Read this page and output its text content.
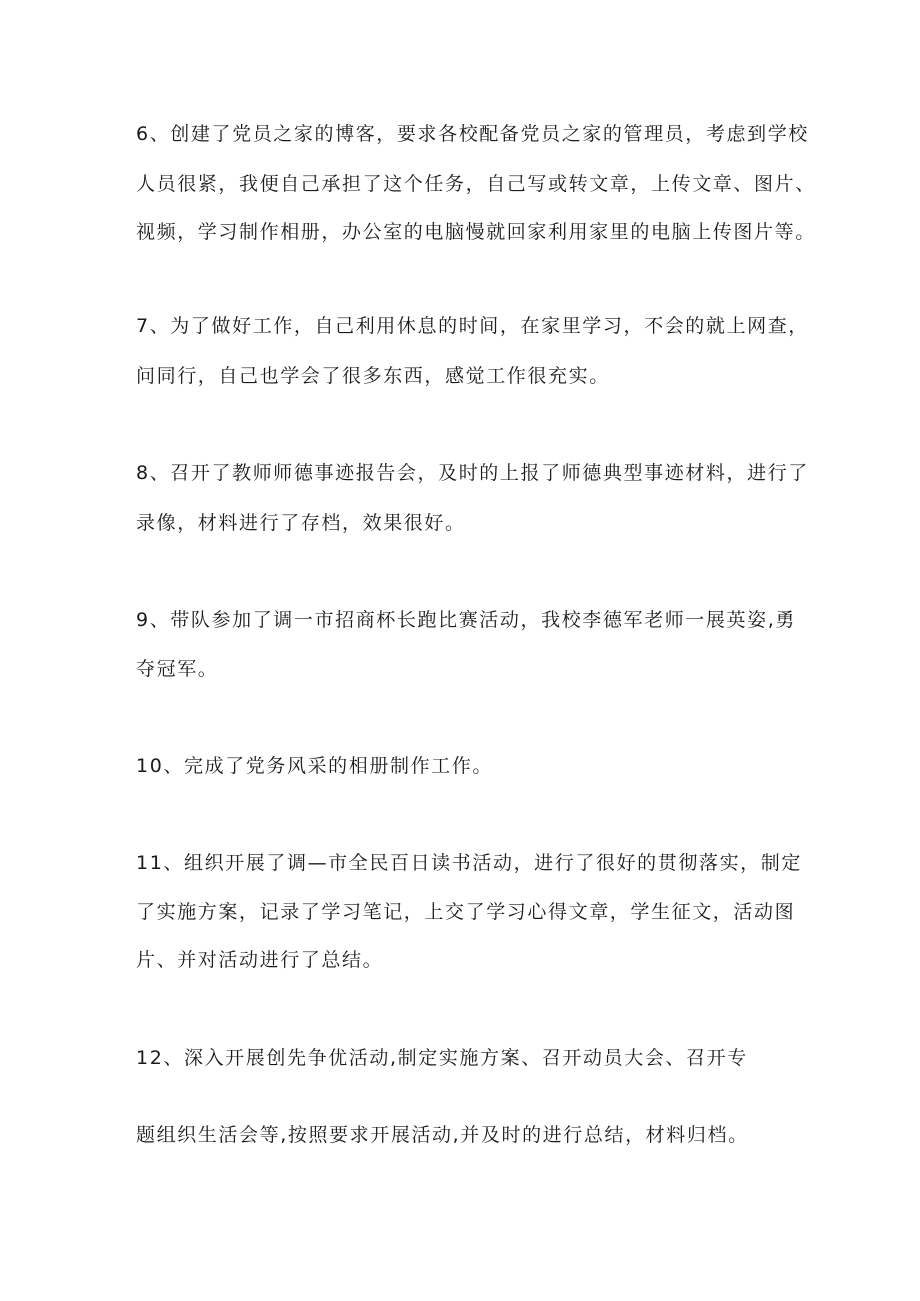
6、创建了党员之家的博客，要求各校配备党员之家的管理员，考虑到学校
人员很紧，我便自己承担了这个任务，自己写或转文章，上传文章、图片、
视频，学习制作相册，办公室的电脑慢就回家利用家里的电脑上传图片等。
7、为了做好工作，自己利用休息的时间，在家里学习，不会的就上网查，
问同行，自己也学会了很多东西，感觉工作很充实。
8、召开了教师师德事迹报告会，及时的上报了师德典型事迹材料，进行了
录像，材料进行了存档，效果很好。
9、带队参加了调一市招商杯长跑比赛活动，我校李德军老师一展英姿,勇
夺冠军。
10、完成了党务风采的相册制作工作。
11、组织开展了调—市全民百日读书活动，进行了很好的贯彻落实，制定
了实施方案，记录了学习笔记，上交了学习心得文章，学生征文，活动图
片、并对活动进行了总结。
12、深入开展创先争优活动,制定实施方案、召开动员大会、召开专
题组织生活会等,按照要求开展活动,并及时的进行总结，材料归档。
